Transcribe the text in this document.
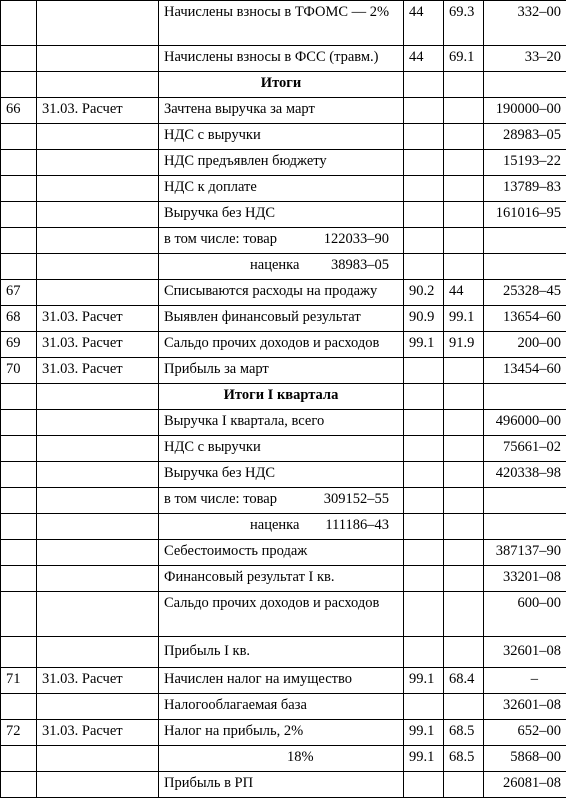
		Начислены взносы в ТФОМС — 2%	44	69.3	332–00
		Начислены взносы в ФСС (травм.)	44	69.1	33–20
		Итоги			
66	31.03. Расчет	Зачтена выручка за март			190000–00
		НДС с выручки			28983–05
		НДС предъявлен бюджету			15193–22
		НДС к доплате			13789–83
		Выручка без НДС			161016–95
		в том числе: товар 122033–90			

		наценка 38983–05			

67		Списываются расходы на продажу	90.2	44	25328–45
68	31.03. Расчет	Выявлен финансовый результат	90.9	99.1	13654–60
69	31.03. Расчет	Сальдо прочих доходов и расходов	99.1	91.9	200–00
70	31.03. Расчет	Прибыль за март			13454–60
		Итоги I квартала			
		Выручка I квартала, всего			496000–00
		НДС с выручки			75661–02
		Выручка без НДС			420338–98
		в том числе: товар 309152–55			

		наценка 111186–43			

		Себестоимость продаж			387137–90
		Финансовый результат I кв.			33201–08
		Сальдо прочих доходов и расходов			600–00
		Прибыль I кв.			32601–08
71	31.03. Расчет	Начислен налог на имущество	99.1	68.4	–
		Налогооблагаемая база			32601–08
72	31.03. Расчет	Налог на прибыль, 2%	99.1	68.5	652–00
		18%	99.1	68.5	5868–00
		Прибыль в РП			26081–08
